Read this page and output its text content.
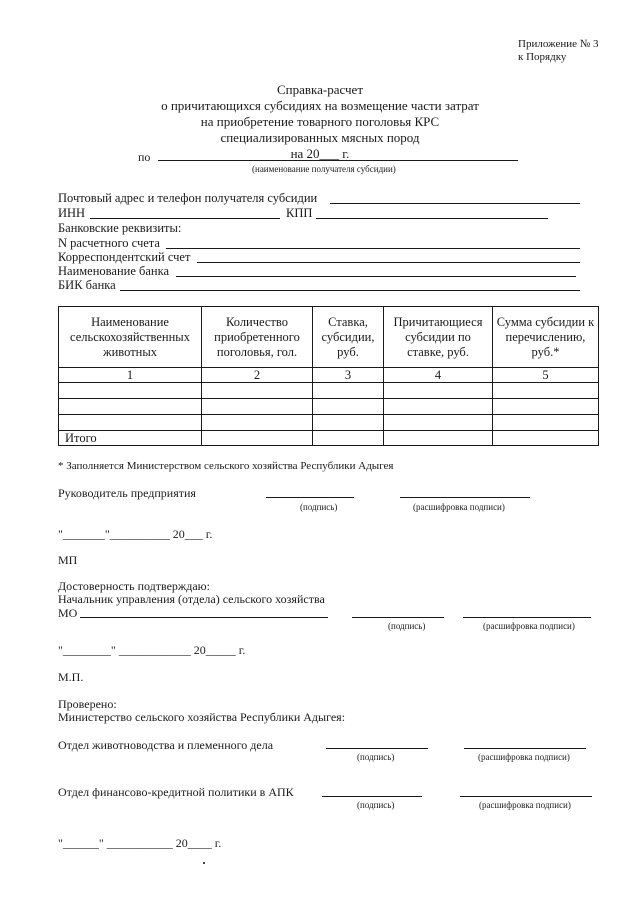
Приложение № 3
к Порядку
Справка-расчет
о причитающихся субсидиях на возмещение части затрат
на приобретение товарного поголовья КРС
специализированных мясных пород
на 20___ г.
по
(наименование получателя субсидии)
Почтовый адрес и телефон получателя субсидии
ИНН	КПП
Банковские реквизиты:
N расчетного счета
Корреспондентский счет
Наименование банка
БИК банка
Наименование сельскохозяйственных животных	Количество приобретенного поголовья, гол.	Ставка, субсидии, руб.	Причитающиеся субсидии по ставке, руб.	Сумма субсидии к перечислению, руб.*
1	2	3	4	5

Итого				
* Заполняется Министерством сельского хозяйства Республики Адыгея
Руководитель предприятия
(подпись)	(расшифровка подписи)
"_______"__________ 20___ г.
МП
Достоверность подтверждаю:
Начальник управления (отдела) сельского хозяйства
МО
(подпись)	(расшифровка подписи)
"________" ____________ 20_____ г.
М.П.
Проверено:
Министерство сельского хозяйства Республики Адыгея:
Отдел животноводства и племенного дела
(подпись)	(расшифровка подписи)
Отдел финансово-кредитной политики в АПК
(подпись)	(расшифровка подписи)
"______" ___________ 20____ г.
